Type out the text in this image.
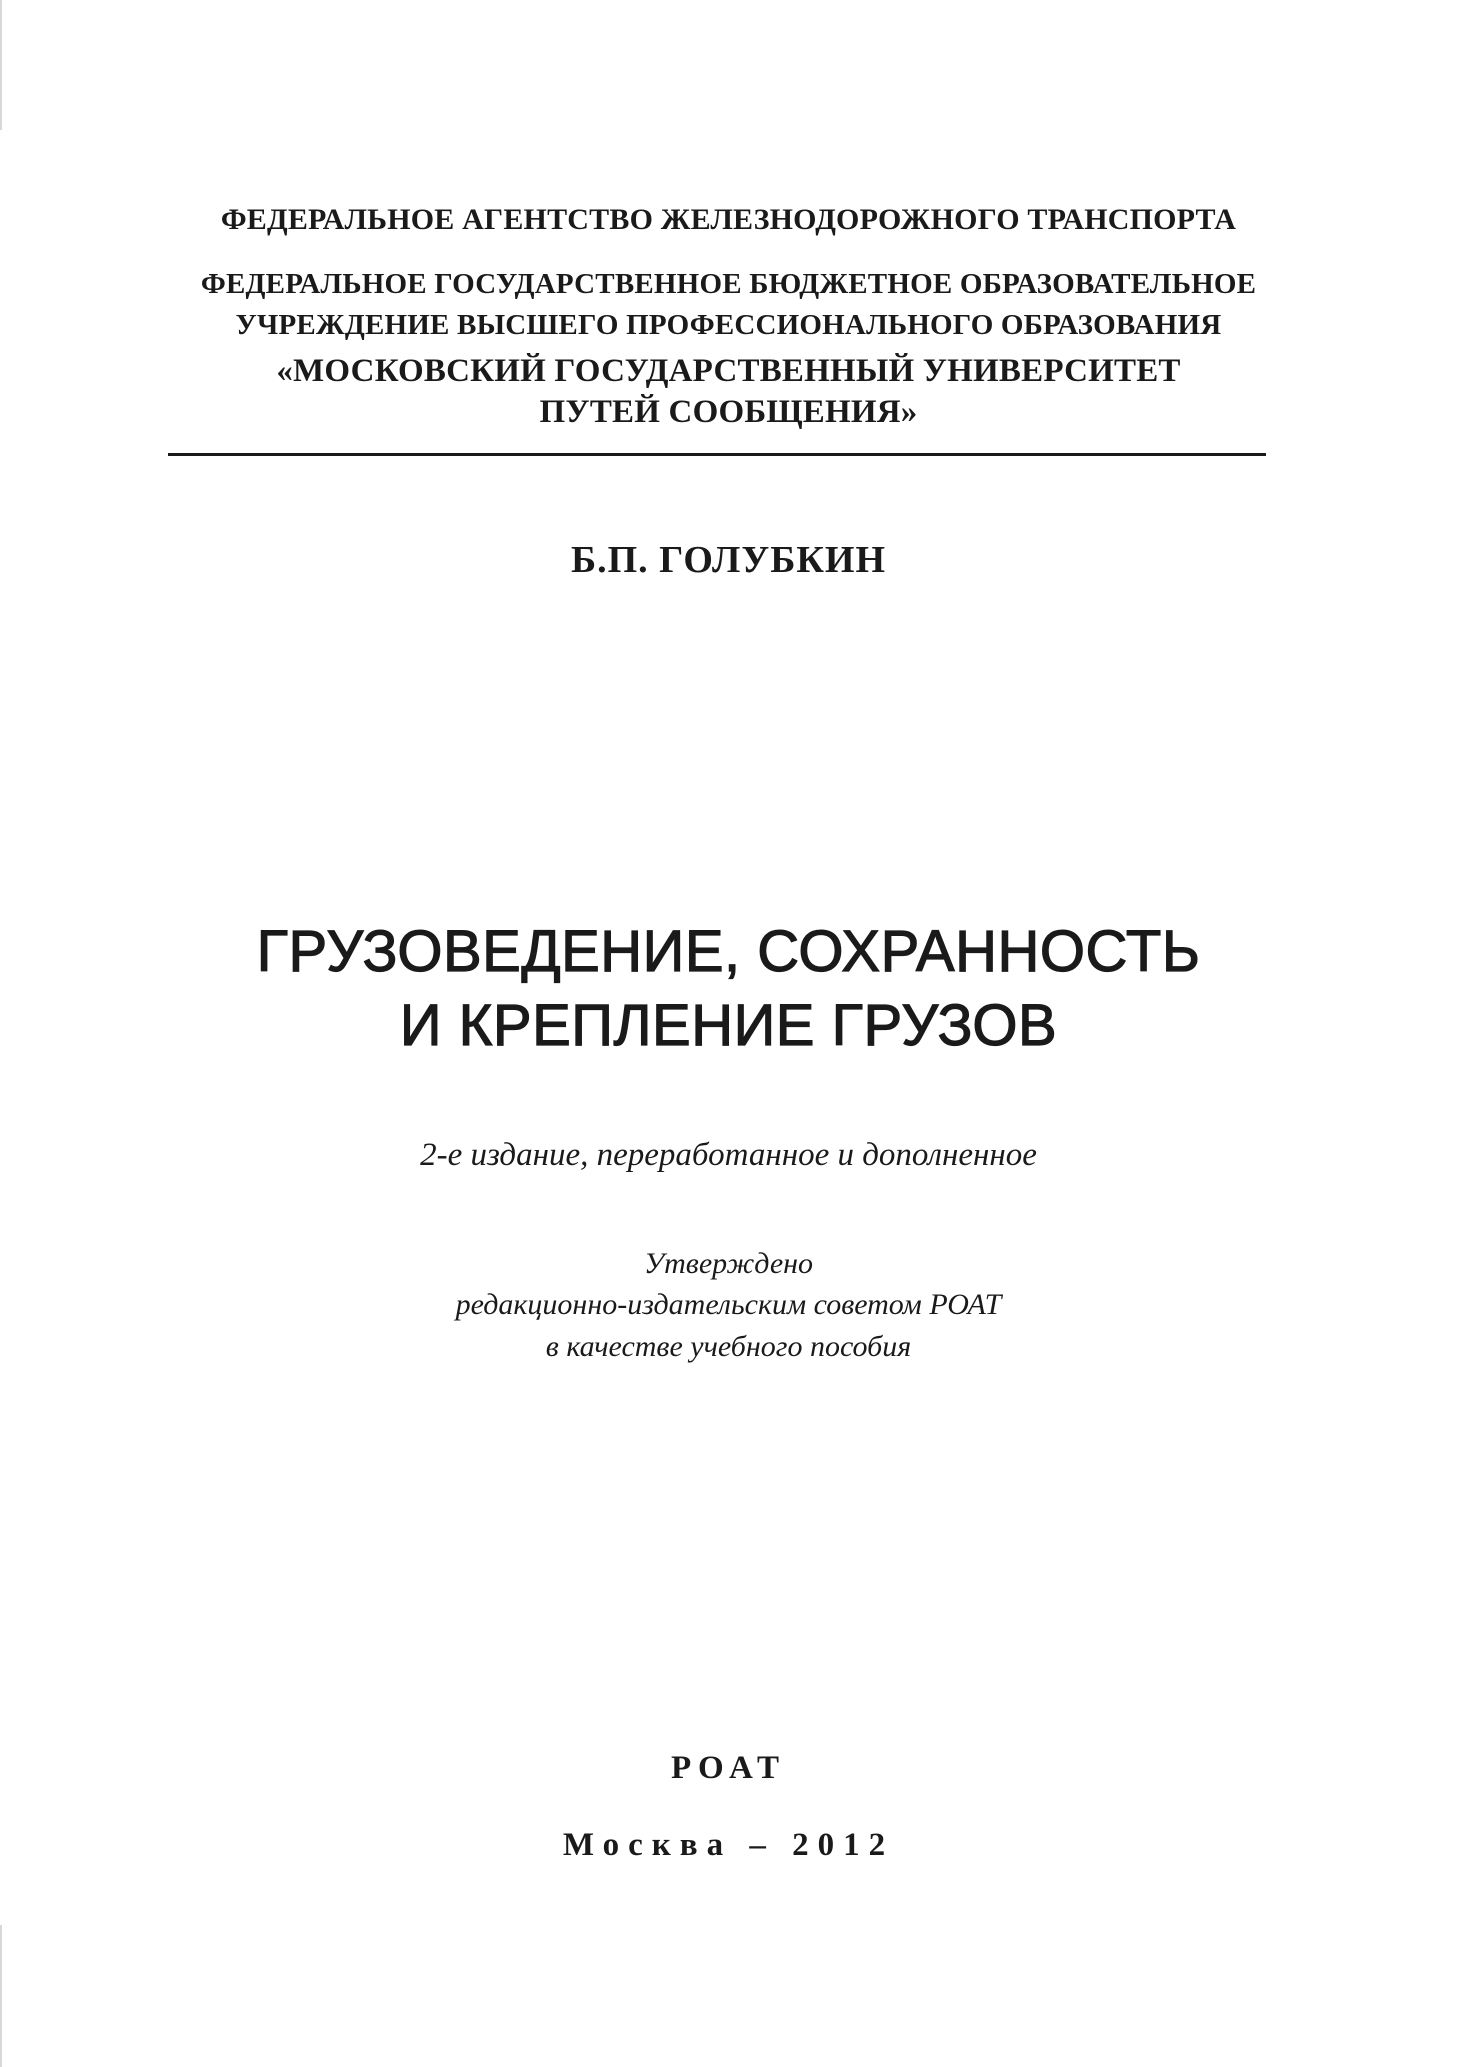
ФЕДЕРАЛЬНОЕ АГЕНТСТВО ЖЕЛЕЗНОДОРОЖНОГО ТРАНСПОРТА
ФЕДЕРАЛЬНОЕ ГОСУДАРСТВЕННОЕ БЮДЖЕТНОЕ ОБРАЗОВАТЕЛЬНОЕ
УЧРЕЖДЕНИЕ ВЫСШЕГО ПРОФЕССИОНАЛЬНОГО ОБРАЗОВАНИЯ
«МОСКОВСКИЙ ГОСУДАРСТВЕННЫЙ УНИВЕРСИТЕТ
ПУТЕЙ СООБЩЕНИЯ»
Б.П. ГОЛУБКИН
ГРУЗОВЕДЕНИЕ, СОХРАННОСТЬ
И КРЕПЛЕНИЕ ГРУЗОВ
2-е издание, переработанное и дополненное
Утверждено
редакционно-издательским советом РОАТ
в качестве учебного пособия
РОАТ
Москва – 2012
